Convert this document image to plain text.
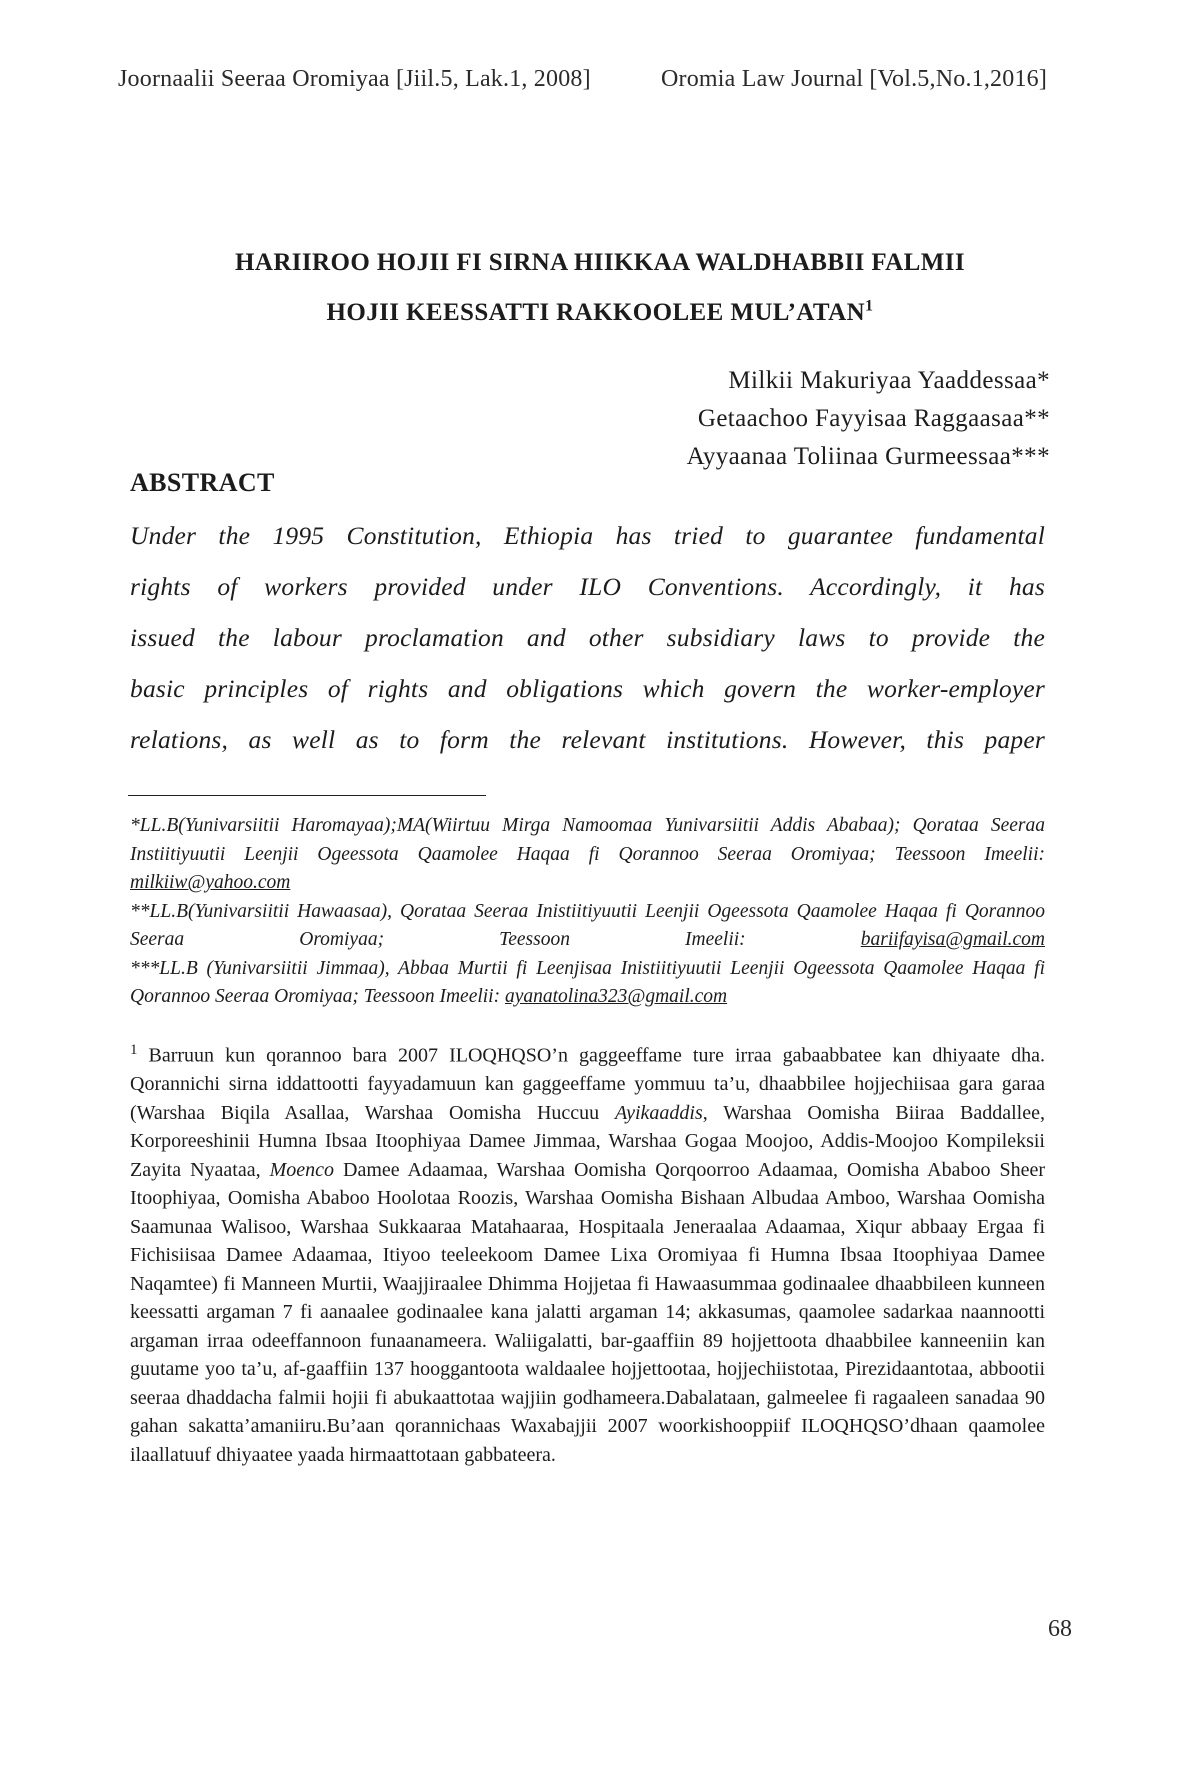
Joornaalii Seeraa Oromiyaa [Jiil.5, Lak.1, 2008]	Oromia Law Journal [Vol.5,No.1,2016]
HARIIROO HOJII FI SIRNA HIIKKAA WALDHABBII FALMII
HOJII KEESSATTI RAKKOOLEE MUL’ATAN$^1$
Milkii Makuriyaa Yaaddessaa*
Getaachoo Fayyisaa Raggaasaa**
Ayyaanaa Toliinaa Gurmeessaa***
ABSTRACT
Under the 1995 Constitution, Ethiopia has tried to guarantee fundamental
rights of workers provided under ILO Conventions. Accordingly, it has
issued the labour proclamation and other subsidiary laws to provide the
basic principles of rights and obligations which govern the worker-employer
relations, as well as to form the relevant institutions. However, this paper

*LL.B(Yunivarsiitii Haromayaa);MA(Wiirtuu Mirga Namoomaa Yunivarsiitii Addis Ababaa); Qorataa Seeraa Instiitiyuutii Leenjii Ogeessota Qaamolee Haqaa fi Qorannoo Seeraa Oromiyaa; Teessoon Imeelii: milkiiw@yahoo.com

**LL.B(Yunivarsiitii Hawaasaa), Qorataa Seeraa Inistiitiyuutii Leenjii Ogeessota Qaamolee Haqaa fi Qorannoo Seeraa Oromiyaa; Teessoon Imeelii: bariifayisa@gmail.com

***LL.B (Yunivarsiitii Jimmaa), Abbaa Murtii fi Leenjisaa Inistiitiyuutii Leenjii Ogeessota Qaamolee Haqaa fi Qorannoo Seeraa Oromiyaa; Teessoon Imeelii: ayanatolina323@gmail.com

$^1$ Barruun kun qorannoo bara 2007 ILOQHQSO’n gaggeeffame ture irraa gabaabbatee kan dhiyaate dha. Qorannichi sirna iddattootti fayyadamuun kan gaggeeffame yommuu ta’u, dhaabbilee hojjechiisaa gara garaa (Warshaa Biqila Asallaa, Warshaa Oomisha Huccuu Ayikaaddis, Warshaa Oomisha Biiraa Baddallee, Korporeeshinii Humna Ibsaa Itoophiyaa Damee Jimmaa, Warshaa Gogaa Moojoo, Addis-Moojoo Kompileksii Zayita Nyaataa, Moenco Damee Adaamaa, Warshaa Oomisha Qorqoorroo Adaamaa, Oomisha Ababoo Sheer Itoophiyaa, Oomisha Ababoo Hoolotaa Roozis, Warshaa Oomisha Bishaan Albudaa Amboo, Warshaa Oomisha Saamunaa Walisoo, Warshaa Sukkaaraa Matahaaraa, Hospitaala Jeneraalaa Adaamaa, Xiqur abbaay Ergaa fi Fichisiisaa Damee Adaamaa, Itiyoo teeleekoom Damee Lixa Oromiyaa fi Humna Ibsaa Itoophiyaa Damee Naqamtee) fi Manneen Murtii, Waajjiraalee Dhimma Hojjetaa fi Hawaasummaa godinaalee dhaabbileen kunneen keessatti argaman 7 fi aanaalee godinaalee kana jalatti argaman 14; akkasumas, qaamolee sadarkaa naannootti argaman irraa odeeffannoon funaanameera. Waliigalatti, bar-gaaffiin 89 hojjettoota dhaabbilee kanneeniin kan guutame yoo ta’u, af-gaaffiin 137 hooggantoota waldaalee hojjettootaa, hojjechiistotaa, Pirezidaantotaa, abbootii seeraa dhaddacha falmii hojii fi abukaattotaa wajjiin godhameera.Dabalataan, galmeelee fi ragaaleen sanadaa 90 gahan sakatta’amaniiru.Bu’aan qorannichaas Waxabajjii 2007 woorkishooppiif ILOQHQSO’dhaan qaamolee ilaallatuuf dhiyaatee yaada hirmaattotaan gabbateera.
68
